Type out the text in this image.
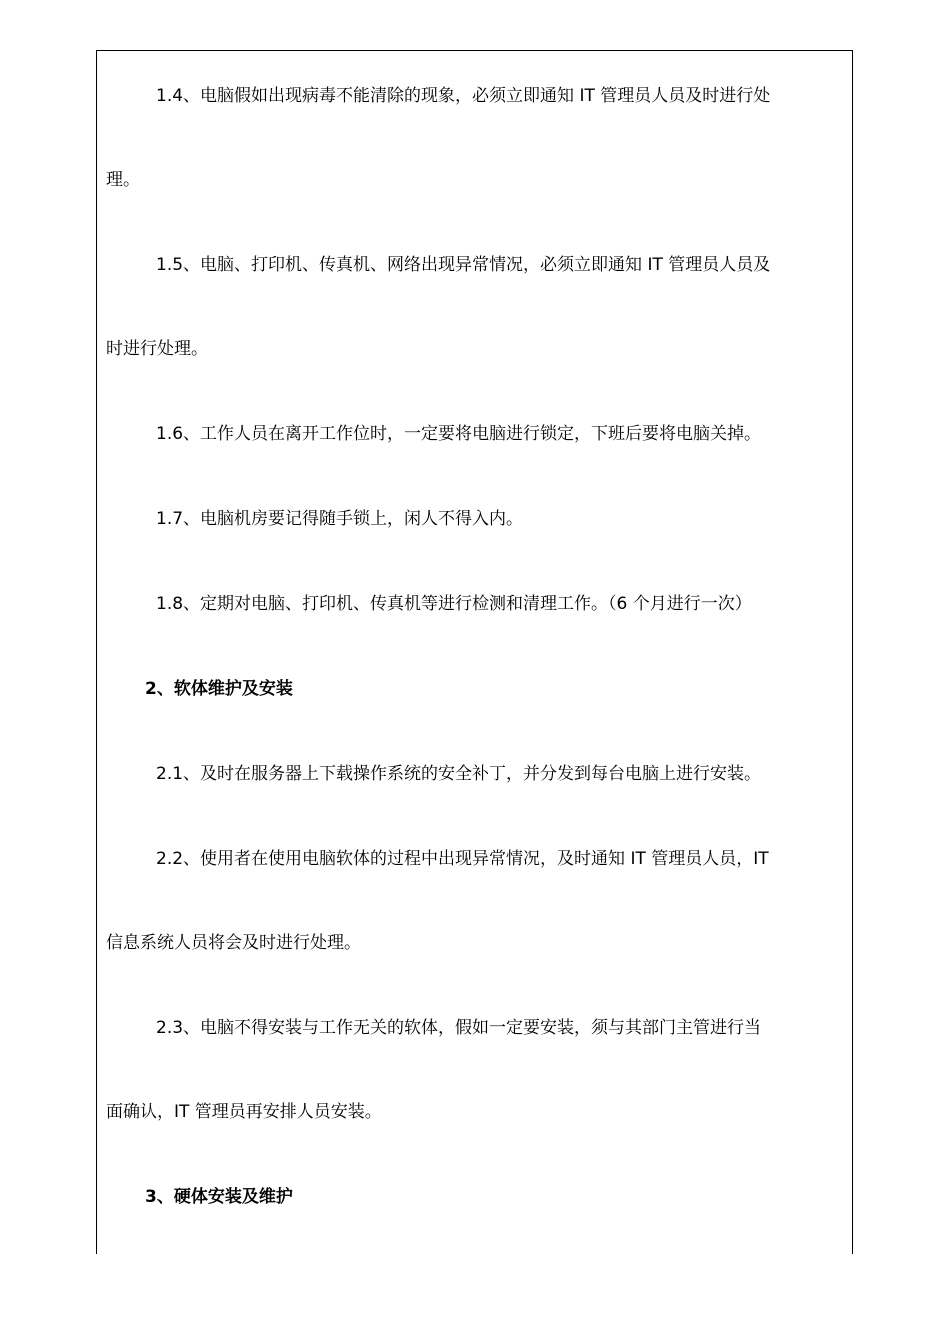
1.4、电脑假如出现病毒不能清除的现象，必须立即通知 IT 管理员人员及时进行处
理。
1.5、电脑、打印机、传真机、网络出现异常情况，必须立即通知 IT 管理员人员及
时进行处理。
1.6、工作人员在离开工作位时，一定要将电脑进行锁定，下班后要将电脑关掉。
1.7、电脑机房要记得随手锁上，闲人不得入内。
1.8、定期对电脑、打印机、传真机等进行检测和清理工作。（6 个月进行一次）
2、软体维护及安装
2.1、及时在服务器上下载操作系统的安全补丁，并分发到每台电脑上进行安装。
2.2、使用者在使用电脑软体的过程中出现异常情况，及时通知 IT 管理员人员，IT
信息系统人员将会及时进行处理。
2.3、电脑不得安装与工作无关的软体，假如一定要安装，须与其部门主管进行当
面确认，IT 管理员再安排人员安装。
3、硬体安装及维护
